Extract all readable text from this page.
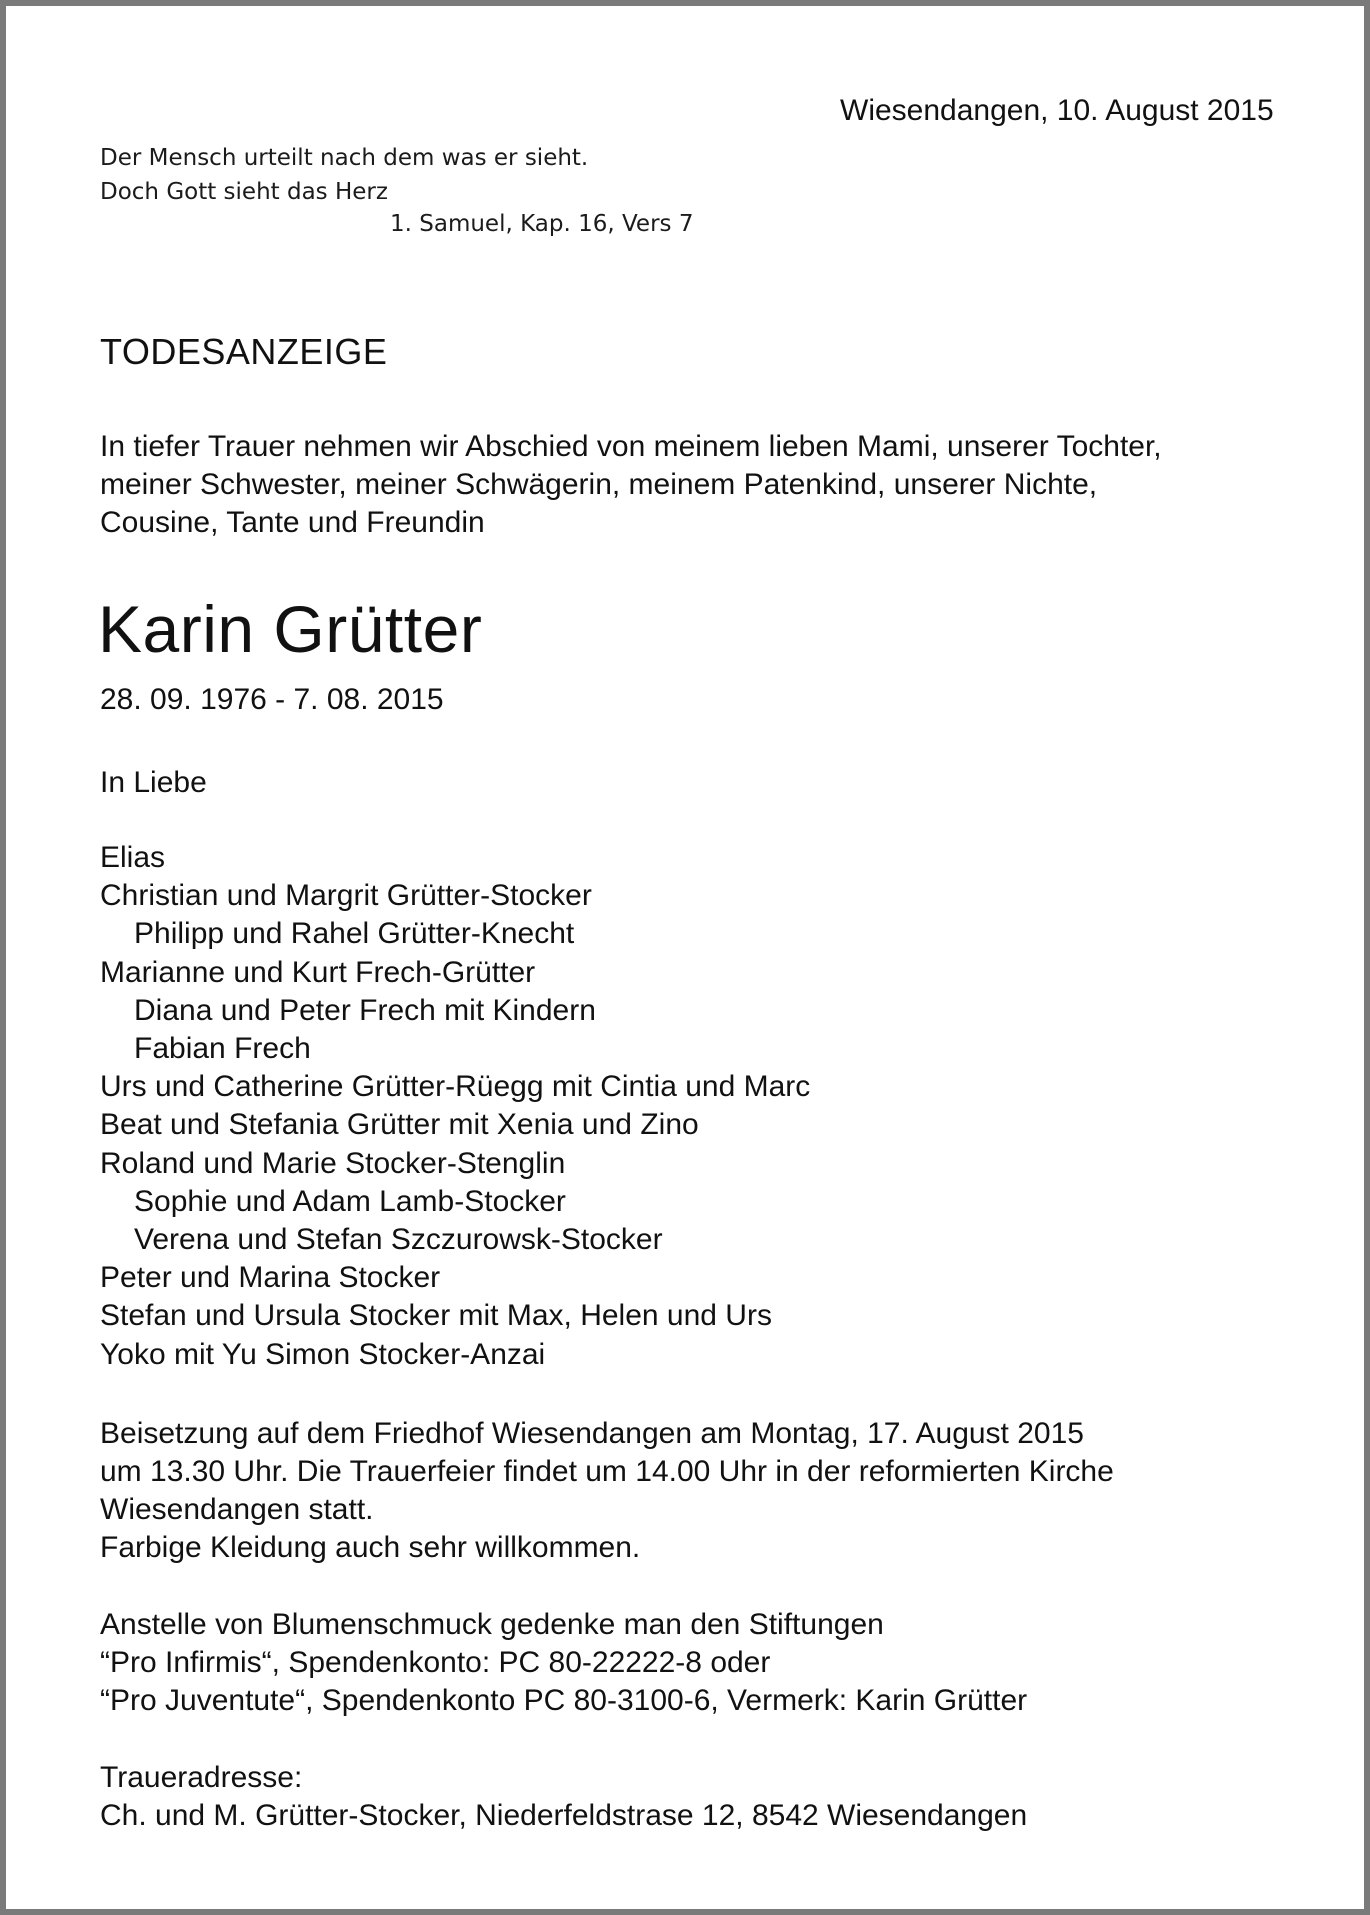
Wiesendangen, 10. August 2015
Der Mensch urteilt nach dem was er sieht.
Doch Gott sieht das Herz
1. Samuel, Kap. 16, Vers 7
TODESANZEIGE
In tiefer Trauer nehmen wir Abschied von meinem lieben Mami, unserer Tochter,
meiner Schwester, meiner Schwägerin, meinem Patenkind, unserer Nichte,
Cousine, Tante und Freundin
Karin Grütter
28. 09. 1976 - 7. 08. 2015
In Liebe
Elias
Christian und Margrit Grütter-Stocker
Philipp und Rahel Grütter-Knecht
Marianne und Kurt Frech-Grütter
Diana und Peter Frech mit Kindern
Fabian Frech
Urs und Catherine Grütter-Rüegg mit Cintia und Marc
Beat und Stefania Grütter mit Xenia und Zino
Roland und Marie Stocker-Stenglin
Sophie und Adam Lamb-Stocker
Verena und Stefan Szczurowsk-Stocker
Peter und Marina Stocker
Stefan und Ursula Stocker mit Max, Helen und Urs
Yoko mit Yu Simon Stocker-Anzai
Beisetzung auf dem Friedhof Wiesendangen am Montag, 17. August 2015
um 13.30 Uhr. Die Trauerfeier findet um 14.00 Uhr in der reformierten Kirche
Wiesendangen statt.
Farbige Kleidung auch sehr willkommen.
Anstelle von Blumenschmuck gedenke man den Stiftungen
“Pro Infirmis“, Spendenkonto: PC 80-22222-8 oder
“Pro Juventute“, Spendenkonto PC 80-3100-6, Vermerk: Karin Grütter
Traueradresse:
Ch. und M. Grütter-Stocker, Niederfeldstrase 12, 8542 Wiesendangen
